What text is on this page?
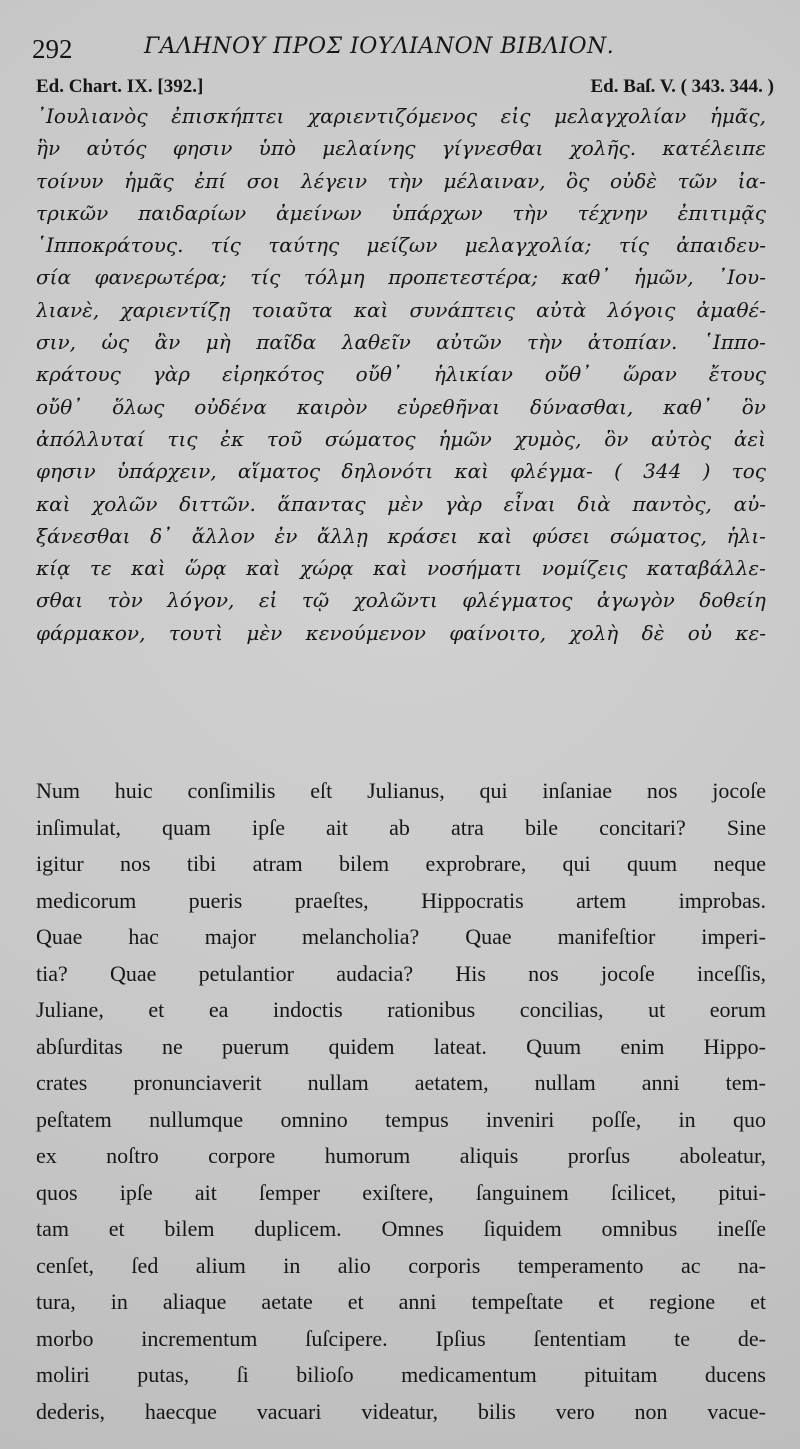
292	ΓΑΛΗΝΟΥ ΠΡΟΣ ΙΟΥΛΙΑΝΟΝ ΒΙΒΛΙΟΝ.
Ed. Chart. IX. [392.]	Ed. Baſ. V. ( 343. 344. )
᾿Ιουλιανὸς ἐπισκήπτει χαριεντιζόμενος εἰς μελαγχολίαν ἡμᾶς,
ἣν αὐτός φησιν ὑπὸ μελαίνης γίγνεσθαι χολῆς. κατέλειπε
τοίνυν ἡμᾶς ἐπί σοι λέγειν τὴν μέλαιναν, ὃς οὐδὲ τῶν ἰα-
τρικῶν παιδαρίων ἀμείνων ὑπάρχων τὴν τέχνην ἐπιτιμᾷς
῾Ιπποκράτους. τίς ταύτης μείζων μελαγχολία; τίς ἀπαιδευ-
σία φανερωτέρα; τίς τόλμη προπετεστέρα; καθ᾽ ἡμῶν, ᾿Ιου-
λιανὲ, χαριεντίζῃ τοιαῦτα καὶ συνάπτεις αὐτὰ λόγοις ἀμαθέ-
σιν, ὡς ἂν μὴ παῖδα λαθεῖν αὐτῶν τὴν ἀτοπίαν. ῾Ιππο-
κράτους γὰρ εἰρηκότος οὔθ᾽ ἡλικίαν οὔθ᾽ ὥραν ἔτους
οὔθ᾽ ὅλως οὐδένα καιρὸν εὑρεθῆναι δύνασθαι, καθ᾽ ὃν
ἀπόλλυταί τις ἐκ τοῦ σώματος ἡμῶν χυμὸς, ὃν αὐτὸς ἀεὶ
φησιν ὑπάρχειν, αἵματος δηλονότι καὶ φλέγμα- ( 344 ) τος
καὶ χολῶν διττῶν. ἅπαντας μὲν γὰρ εἶναι διὰ παντὸς, αὐ-
ξάνεσθαι δ᾽ ἄλλον ἐν ἄλλῃ κράσει καὶ φύσει σώματος, ἡλι-
κίᾳ τε καὶ ὥρᾳ καὶ χώρᾳ καὶ νοσήματι νομίζεις καταβάλλε-
σθαι τὸν λόγον, εἰ τῷ χολῶντι φλέγματος ἀγωγὸν δοθείη
φάρμακον, τουτὶ μὲν κενούμενον φαίνοιτο, χολὴ δὲ οὐ κε-
Num huic conſimilis eſt Julianus, qui inſaniae nos jocoſe
inſimulat, quam ipſe ait ab atra bile concitari? Sine
igitur nos tibi atram bilem exprobrare, qui quum neque
medicorum pueris praeſtes, Hippocratis artem improbas.
Quae hac major melancholia? Quae manifeſtior imperi-
tia? Quae petulantior audacia? His nos jocoſe inceſſis,
Juliane, et ea indoctis rationibus concilias, ut eorum
abſurditas ne puerum quidem lateat. Quum enim Hippo-
crates pronunciaverit nullam aetatem, nullam anni tem-
peſtatem nullumque omnino tempus inveniri poſſe, in quo
ex noſtro corpore humorum aliquis prorſus aboleatur,
quos ipſe ait ſemper exiſtere, ſanguinem ſcilicet, pitui-
tam et bilem duplicem. Omnes ſiquidem omnibus ineſſe
cenſet, ſed alium in alio corporis temperamento ac na-
tura, in aliaque aetate et anni tempeſtate et regione et
morbo incrementum ſuſcipere. Ipſius ſententiam te de-
moliri putas, ſi bilioſo medicamentum pituitam ducens
dederis, haecque vacuari videatur, bilis vero non vacue-
